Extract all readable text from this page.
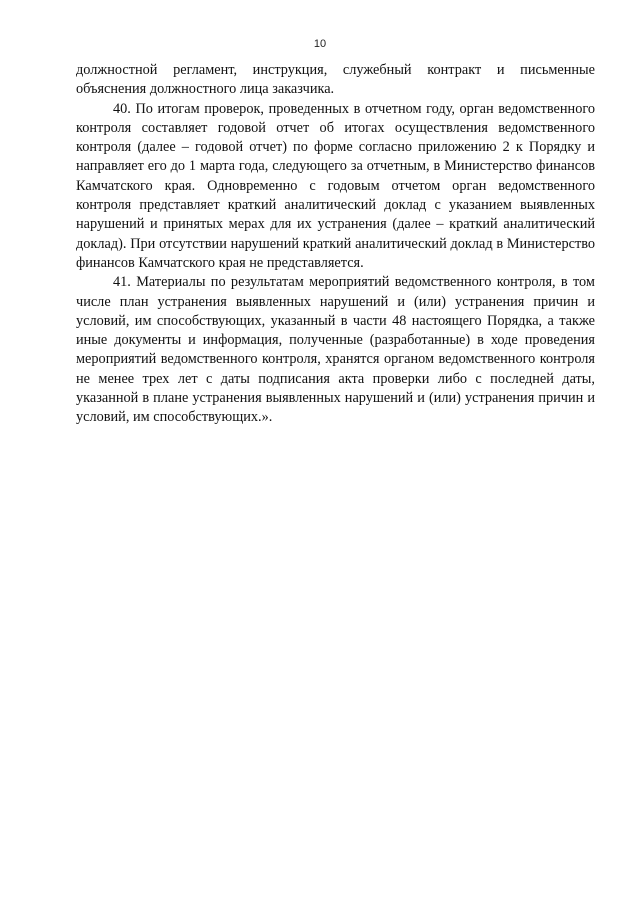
10

должностной регламент, инструкция, служебный контракт и письменные объяснения должностного лица заказчика.

40. По итогам проверок, проведенных в отчетном году, орган ведомственного контроля составляет годовой отчет об итогах осуществления ведомственного контроля (далее – годовой отчет) по форме согласно приложению 2 к Порядку и направляет его до 1 марта года, следующего за отчетным, в Министерство финансов Камчатского края. Одновременно с годовым отчетом орган ведомственного контроля представляет краткий аналитический доклад с указанием выявленных нарушений и принятых мерах для их устранения (далее – краткий аналитический доклад). При отсутствии нарушений краткий аналитический доклад в Министерство финансов Камчатского края не представляется.

41. Материалы по результатам мероприятий ведомственного контроля, в том числе план устранения выявленных нарушений и (или) устранения причин и условий, им способствующих, указанный в части 48 настоящего Порядка, а также иные документы и информация, полученные (разработанные) в ходе проведения мероприятий ведомственного контроля, хранятся органом ведомственного контроля не менее трех лет с даты подписания акта проверки либо с последней даты, указанной в плане устранения выявленных нарушений и (или) устранения причин и условий, им способствующих.».
